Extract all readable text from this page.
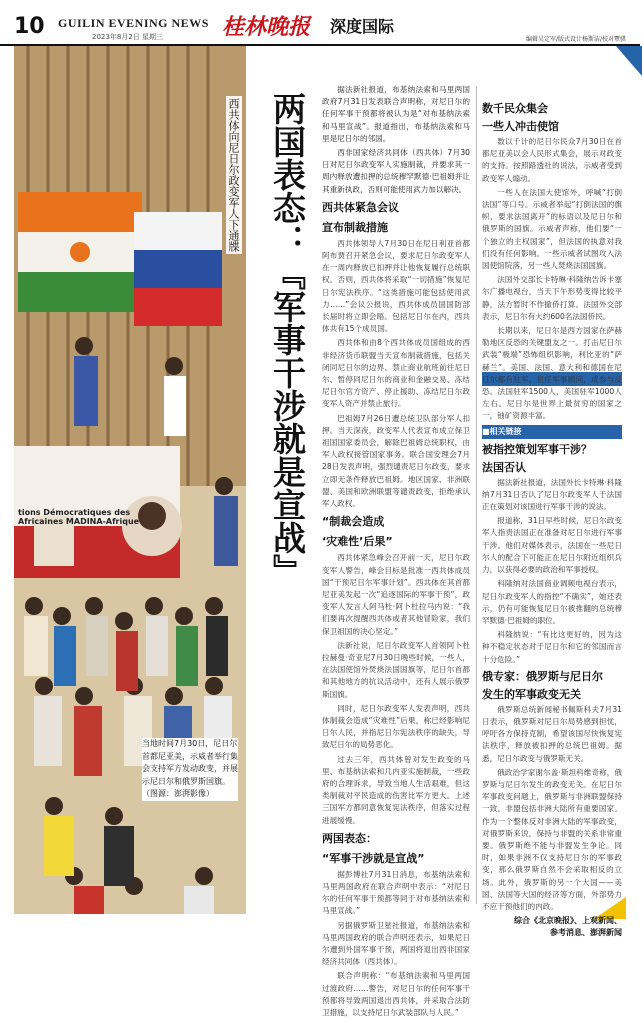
10 GUILIN EVENING NEWS
2023年8月2日 星期三	桂林晚报 深度国际
编辑吴定军/版式设计杨斯洁/校对覃骐
tions Démocratiques des Africaines MADINA-Afrique
当地时间7月30日，尼日尔首都尼亚美，示威者举行集会支持军方发动政变，并展示尼日尔和俄罗斯国旗。（图源：澎湃影像）
西共体向尼日尔政变军人下通牒 两国表态：『军事干涉就是宣战』

据法新社报道，布基纳法索和马里两国政府7月31日发表联合声明称，对尼日尔的任何军事干预都将被认为是“对布基纳法索和马里宣战”。报道指出，布基纳法索和马里是尼日尔的邻国。

西非国家经济共同体（西共体）7月30日对尼日尔政变军人实施制裁，并要求其一周内释放遭扣押的总统穆罕默德·巴祖姆并让其重新执政，否则可能使用武力加以解决。

西共体紧急会议
宣布制裁措施

西共体领导人7月30日在尼日利亚首都阿布贾召开紧急会议，要求尼日尔政变军人在一周内释放已扣押并让他恢复履行总统职权。否则，西共体将采取“一切措施”恢复尼日尔宪法秩序。“这类措施可能包括使用武力……”会议公报说，西共体成员国国防部长届时将立即会晤。包括尼日尔在内，西共体共有15个成员国。

西共体和由8个西共体成员国组成的西非经济货币联盟当天宣布制裁措施，包括关闭同尼日尔的边界、禁止商业航班前往尼日尔、暂停同尼日尔的商业和金融交易、冻结尼日尔官方资产、停止援助、冻结尼日尔政变军人资产并禁止旅行。

巴祖姆7月26日遭总统卫队部分军人扣押。当天深夜，政变军人代表宣布成立保卫祖国国家委员会，解除巴祖姆总统职权，由军人政权接管国家事务。联合国安理会7月28日发表声明，强烈谴责尼日尔政变，要求立即无条件释放巴祖姆。地区国家、非洲联盟、美国和欧洲联盟等谴责政变，拒绝承认军人政权。

“制裁会造成
‘灾难性’后果”

西共体紧急峰会召开前一天，尼日尔政变军人警告，峰会目标是批准一西共体成员国“干预尼日尔军事计划”。西共体在其首都尼亚美发起一次“追逐国际的军事干预”，政变军人发言人阿马杜·阿卜杜拉马内说：“我们要再次提醒西共体或者其他冒险家，我们保卫祖国的决心坚定。”

法新社说，尼日尔政变军人首领阿卜杜拉赫曼·奇亚尼7月30日晚些时候，一些人，在法国使馆外焚烧法国国旗等，尼日尔首都和其他地方的抗议活动中，还有人展示俄罗斯国旗。

同时，尼日尔政变军人发表声明，西共体制裁会造成“灾难性”后果，称已经影响尼日尔人民，并指尼日尔宪法秩序的缺失，导致尼日尔的局势恶化。

过去三年，西共体曾对发生政变的马里、布基纳法索和几内亚实施制裁，一些政府的合理诉求，导致当地人生活艰难，但这类制裁对平民造成的伤害比军方更大。上述三国军方都同意恢复宪法秩序，但落实过程进展缓慢。

两国表态：
“军事干涉就是宣战”

据彭博社7月31日消息，布基纳法索和马里两国政府在联合声明中表示：“对尼日尔的任何军事干预都等同于对布基纳法索和马里宣战。”

另据俄罗斯卫星社报道，布基纳法索和马里两国政府的联合声明还表示，如果尼日尔遭到外国军事干预，两国将退出西非国家经济共同体（西共体）。

联合声明称：“布基纳法索和马里两国过渡政府……警告，对尼日尔的任何军事干预都将导致两国退出西共体，并采取合法防卫措施，以支持尼日尔武装部队与人民。”

数千民众集会
一些人冲击使馆

数以千计的尼日尔民众7月30日在首都尼亚美以会人民形式集会，展示对政变的支持。按照路透社的说法，示威者受到政变军人煽动。

一些人在法国大使馆外，呼喊“打倒法国”等口号。示威者举起“打倒法国的旗帜，要求法国离开”的标语以及尼日尔和俄罗斯的国旗。示威者声称，他们要“一个独立的主权国家”，但法国的执意对我们没有任何影响。一些示威者试图攻入法国使馆院落，另一些人焚烧法国国旗。

法国外交部长卡特琳·科隆纳告诉卡塞尔广播电视台，当天下午形势变得比较平静，法方暂时不作撤侨打算。法国外交部表示，尼日尔有大约600名法国侨民。

长期以来，尼日尔是西方国家在萨赫勒地区反恐的关键盟友之一。打击尼日尔武装“极端”恐怖组织影响，利比亚的“萨赫兰”。美国、法国、意大利和德国在尼日尔都有驻军，担任军事顾问，或参与反恐。法国驻军1500人，美国驻军1000人左右。尼日尔是世界上最贫穷的国家之一，铀矿资源丰富。

■相关链接
被指控策划军事干涉？
法国否认

据法新社报道，法国外长卡特琳·科隆纳7月31日否认了尼日尔政变军人于法国正在策划对该国进行军事干涉的说法。

报道称，31日早些时候，尼日尔政变军人指责法国正在准备对尼日尔进行军事干涉。他们对媒体表示，法国在一些尼日尔人的配合下可能正在尼日尔附近组织兵力，以获得必要的政治和军事授权。

科隆纳对法国商业调频电视台表示，尼日尔政变军人的指控“不确实”，她还表示，仍有可能恢复尼日尔被推翻的总统穆罕默德·巴祖姆的职位。

科隆纳说：“有比这更好的，因为这种不稳定状态对于尼日尔和它的邻国而言十分危险。”

俄专家：俄罗斯与尼日尔
发生的军事政变无关

俄罗斯总统新闻秘书佩斯科夫7月31日表示，俄罗斯对尼日尔局势感到担忧，呼吁各方保持克制，希望该国尽快恢复宪法秩序，释放被扣押的总统巴祖姆。据悉，尼日尔政变与俄罗斯无关。

俄政治学家谢尔盖·斯坦科维奇称，俄罗斯与尼日尔发生的政变无关。在尼日尔军事政变问题上，俄罗斯与非洲联盟保持一致，非盟包括非洲大陆所有重要国家。作为一个整体反对非洲大陆的军事政变，对俄罗斯来说，保持与非盟的关系非常重要。俄罗斯绝不能与非盟发生争论。同时，如果非洲不仅支持尼日尔的军事政变，那么俄罗斯自然不会采取相反的立场。此外，俄罗斯的另一个大国——美国、法国等大国的经济等方面，外部势力不应干预他们的内政。

综合《北京晚报》、上观新闻、
参考消息、澎湃新闻
